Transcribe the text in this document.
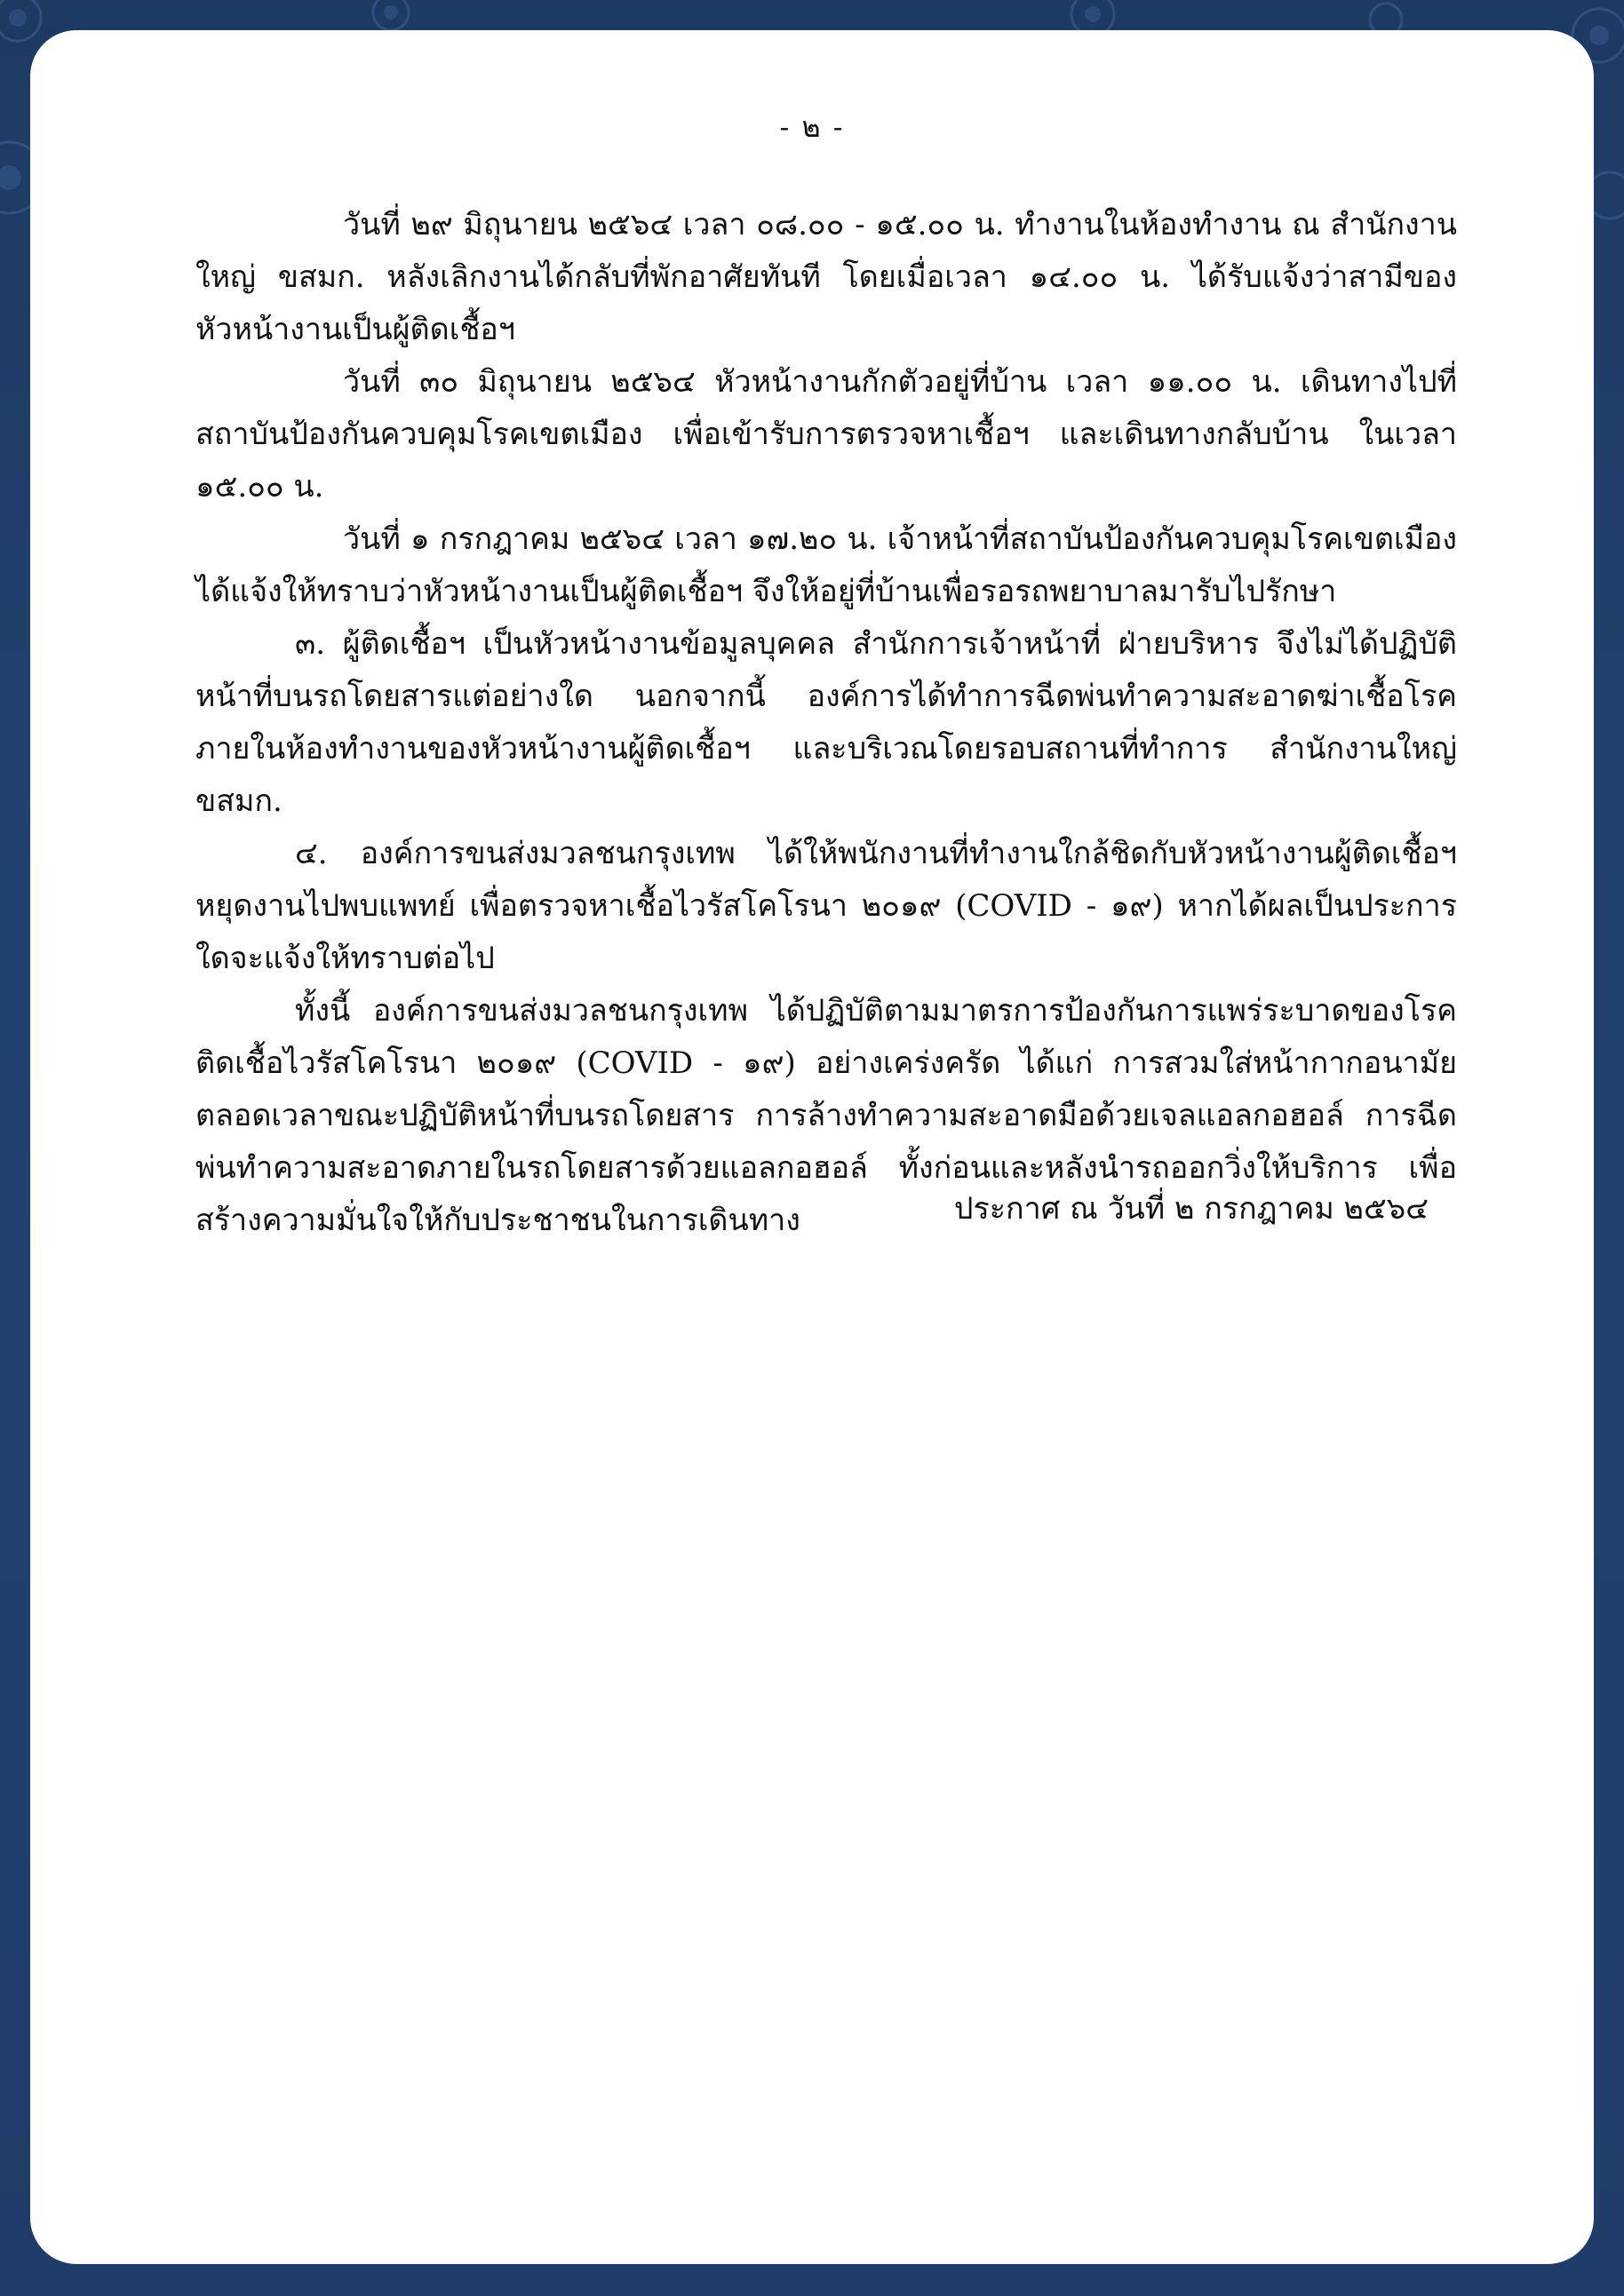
- ๒ -

วันที่ ๒๙ มิถุนายน ๒๕๖๔ เวลา ๐๘.๐๐ - ๑๕.๐๐ น. ทำงานในห้องทำงาน ณ สำนักงานใหญ่ ขสมก. หลังเลิกงานได้กลับที่พักอาศัยทันที โดยเมื่อเวลา ๑๔.๐๐ น. ได้รับแจ้งว่าสามีของหัวหน้างานเป็นผู้ติดเชื้อฯ

วันที่ ๓๐ มิถุนายน ๒๕๖๔ หัวหน้างานกักตัวอยู่ที่บ้าน เวลา ๑๑.๐๐ น. เดินทางไปที่ สถาบันป้องกันควบคุมโรคเขตเมือง เพื่อเข้ารับการตรวจหาเชื้อฯ และเดินทางกลับบ้าน ในเวลา ๑๕.๐๐ น.

วันที่ ๑ กรกฎาคม ๒๕๖๔ เวลา ๑๗.๒๐ น. เจ้าหน้าที่สถาบันป้องกันควบคุมโรคเขตเมืองได้แจ้งให้ทราบว่าหัวหน้างานเป็นผู้ติดเชื้อฯ จึงให้อยู่ที่บ้านเพื่อรอรถพยาบาลมารับไปรักษา

๓. ผู้ติดเชื้อฯ เป็นหัวหน้างานข้อมูลบุคคล สำนักการเจ้าหน้าที่ ฝ่ายบริหาร จึงไม่ได้ปฏิบัติหน้าที่บนรถโดยสารแต่อย่างใด นอกจากนี้ องค์การได้ทำการฉีดพ่นทำความสะอาดฆ่าเชื้อโรคภายในห้องทำงานของหัวหน้างานผู้ติดเชื้อฯ และบริเวณโดยรอบสถานที่ทำการ สำนักงานใหญ่ ขสมก.

๔. องค์การขนส่งมวลชนกรุงเทพ ได้ให้พนักงานที่ทำงานใกล้ชิดกับหัวหน้างานผู้ติดเชื้อฯ หยุดงานไปพบแพทย์ เพื่อตรวจหาเชื้อไวรัสโคโรนา ๒๐๑๙ (COVID - ๑๙) หากได้ผลเป็นประการใดจะแจ้งให้ทราบต่อไป

ทั้งนี้ องค์การขนส่งมวลชนกรุงเทพ ได้ปฏิบัติตามมาตรการป้องกันการแพร่ระบาดของโรคติดเชื้อไวรัสโคโรนา ๒๐๑๙ (COVID - ๑๙) อย่างเคร่งครัด ได้แก่ การสวมใส่หน้ากากอนามัยตลอดเวลาขณะปฏิบัติหน้าที่บนรถโดยสาร การล้างทำความสะอาดมือด้วยเจลแอลกอฮอล์ การฉีดพ่นทำความสะอาดภายในรถโดยสารด้วยแอลกอฮอล์ ทั้งก่อนและหลังนำรถออกวิ่งให้บริการ เพื่อสร้างความมั่นใจให้กับประชาชนในการเดินทาง	ประกาศ ณ วันที่ ๒ กรกฎาคม ๒๕๖๔
